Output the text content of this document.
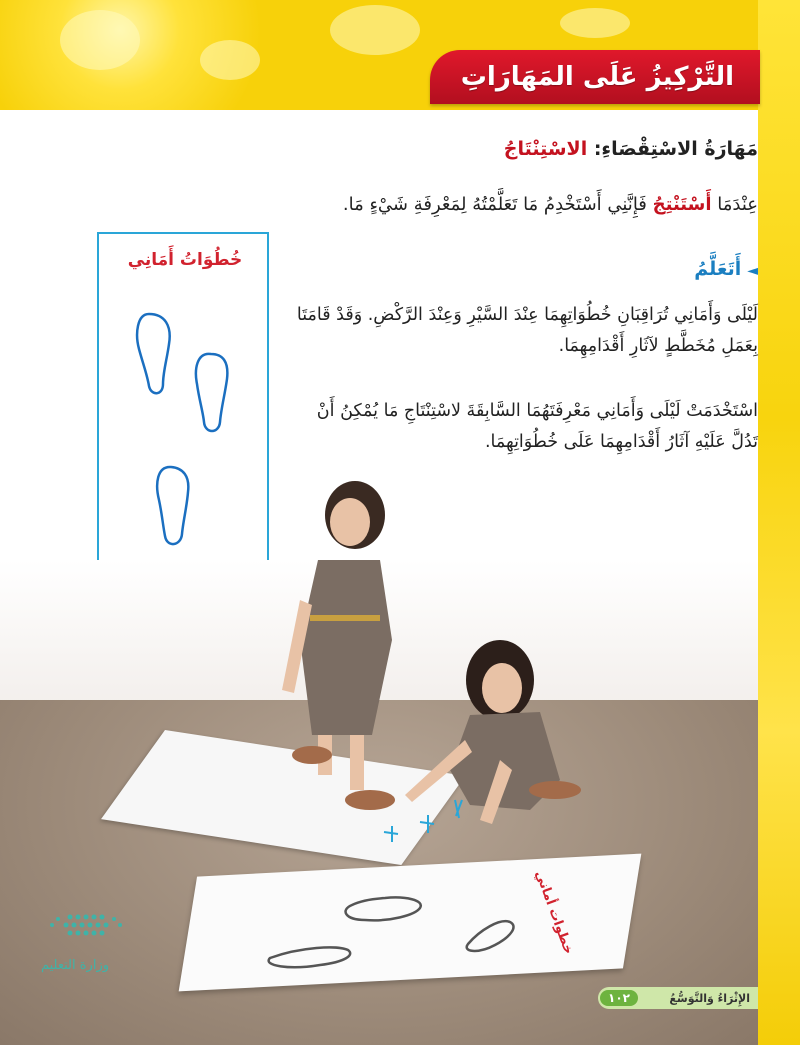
التَّرْكِيزُ عَلَى المَهَارَاتِ
مَهَارَةُ الاسْتِقْصَاءِ: الاسْتِنْتَاجُ
عِنْدَمَا أَسْتَنْتِجُ فَإِنَّنِي أَسْتَخْدِمُ مَا تَعَلَّمْتُهُ لِمَعْرِفَةِ شَيْءٍ مَا.
◄أَتَعَلَّمُ
لَيْلَى وَأَمَانِي تُرَاقِبَانِ خُطُوَاتِهِمَا عِنْدَ السَّيْرِ وَعِنْدَ الرَّكْضِ. وَقَدْ قَامَتَا بِعَمَلِ مُخَطَّطٍ لآثَارِ أَقْدَامِهِمَا.
اسْتَخْدَمَتْ لَيْلَى وَأَمَانِي مَعْرِفَتَهُمَا السَّابِقَةَ لاسْتِنْتَاجِ مَا يُمْكِنُ أَنْ تَدُلَّ عَلَيْهِ آثَارُ أَقْدَامِهِمَا عَلَى خُطُوَاتِهِمَا.
خُطُوَاتُ أَمَانِي
خطوات أماني
وزارة التعليم
١٠٢	الإِثْرَاءُ وَالتَّوَسُّعُ
